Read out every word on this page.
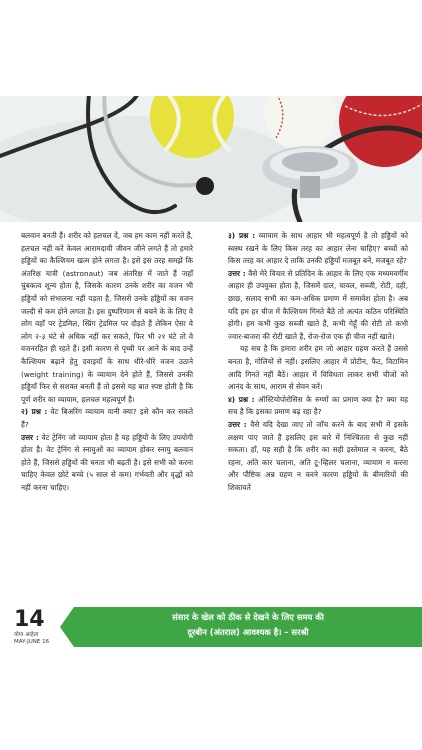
बलवान बनती हैं। शरीर को हलचल दें, जब हम काम नहीं करते हैं, हलचल नहीं करें केवल आरामदायी जीवन जीने लगते हैं तो हमारे हड्डियों का कैल्शियम खत्म होने लगता है। इसे इस तरह समझें कि अंतरिक्ष यात्री (astronaut) जब अंतरिक्ष में जाते हैं जहाँ चुंबकत्व शून्य होता है, जिसके कारण उनके शरीर का वजन भी हड्डियों को संभालना नहीं पड़ता है, जिससे उनके हड्डियों का वजन जल्दी से कम होने लगता है। इस दुष्परिणाम से बचने के के लिए वे लोग वहाँ पर ट्रेडमिल, स्प्रिंग ट्रेडमिल पर दौड़ते हैं लेकिन ऐसा वे लोग २-३ घंटे से अधिक नहीं कर सकते, फिर भी २१ घंटे तो वे वजनरहित ही रहते हैं। इसी कारण से पृथ्वी पर आने के बाद उन्हें कैल्शियम बढ़ाने हेतु दवाइयाँ के साथ धीरे-धीरे वजन उठाने (weight training) के व्यायाम देने होते हैं, जिससे उनकी हड्डियाँ फिर से सशक्त बनती हैं तो इससे यह बात स्पष्ट होती है कि पूर्ण शरीर का व्यायाम, हलचल महत्वपूर्ण है।

२) प्रश्न : वेट बिअरिंग व्यायाम यानी क्या? इसे कौन कर सकते हैं?

उत्तर : वेट ट्रेनिंग जो व्यायाम होता है यह हड्डियों के लिए उपयोगी होता है। वेट ट्रेनिंग से स्नायुओं का व्यायाम होकर स्नायु बलवान होते हैं, जिससे हड्डियों की घनता भी बढ़ती है। इसे सभी को करना चाहिए केवल छोटे बच्चे (५ साल से कम) गर्भवती और वृद्धों को नहीं करना चाहिए।

३) प्रश्न : व्यायाम के साथ आहार भी महत्वपूर्ण है तो हड्डियों को स्वस्थ रखने के लिए किस तरह का आहार लेना चाहिए? बच्चों को किस तरह का आहार दे ताकि उनकी हड्डियाँ मजबूत बनें, मजबूत रहें?

उत्तर : वैसे मेरे विचार से प्रतिदिन के आहार के लिए एक मध्यमवर्गीय आहार ही उपयुक्त होता है, जिसमें दाल, चावल, सब्जी, रोटी, दही, छाछ, सलाद सभी का कम-अधिक प्रमाण में समावेश होता है। अब यदि हम हर चीज में कैल्शियम गिनते बैठें तो अत्यंत कठिन परिस्थिति होगी। हम कभी कुछ सब्जी खाते हैं, कभी गेहूँ की रोटी तो कभी ज्वार-बाजरा की रोटी खाते हैं, रोज-रोज एक ही चीज नहीं खाते।

यह सच है कि हमारा शरीर हम जो आहार ग्रहण करते हैं उससे बनता है, गोलियों से नहीं। इसलिए आहार में प्रोटीन, फैट, विटामिन आदि गिनते नहीं बैठें। आहार में विविधता लाकर सभी चीजों को आनंद के साथ, आराम से सेवन करें।

४) प्रश्न : ऑस्टियोपोरोसिस के रुग्णों का प्रमाण क्या है? क्या यह सच है कि इसका प्रमाण बढ़ रहा है?

उत्तर : वैसे यदि देखा जाए तो जाँच करने के बाद सभी में इसके लक्षण पाए जाते हैं इसलिए इस बारे में निश्चितता से कुछ नहीं सकता। हाँ, यह सही है कि शरीर का सही इस्तेमाल न करना, बैठे रहना, अति कार चलाना, अति टू-व्हिलर चलाना, व्यायाम न करना और पौष्टिक अन्न ग्रहण न करने कारण हड्डियों के बीमारियों की शिकायतें

14
योग्य आहेत्य
MAY-JUNE 16
संसार के खेल को ठीक से देखने के लिए समय की
दूरबीन (अंतराल) आवश्यक है। – सरश्री
